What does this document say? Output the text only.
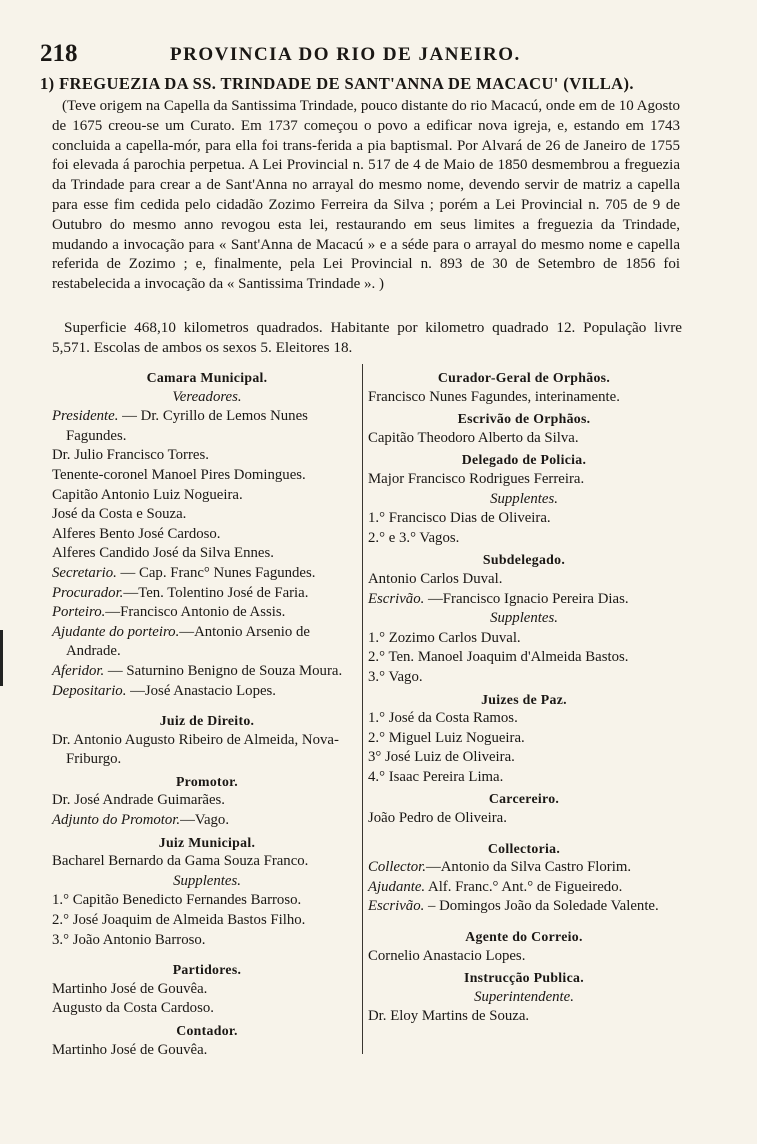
218	PROVINCIA DO RIO DE JANEIRO.
1) FREGUEZIA DA SS. TRINDADE DE SANT'ANNA DE MACACU' (VILLA).
(Teve origem na Capella da Santissima Trindade, pouco distante do rio Macacú, onde em de 10 Agosto de 1675 creou-se um Curato. Em 1737 começou o povo a edificar nova igreja, e, estando em 1743 concluida a capella-mór, para ella foi trans-ferida a pia baptismal. Por Alvará de 26 de Janeiro de 1755 foi elevada á parochia perpetua. A Lei Provincial n. 517 de 4 de Maio de 1850 desmembrou a freguezia da Trindade para crear a de Sant'Anna no arrayal do mesmo nome, devendo servir de matriz a capella para esse fim cedida pelo cidadão Zozimo Ferreira da Silva ; porém a Lei Provincial n. 705 de 9 de Outubro do mesmo anno revogou esta lei, restaurando em seus limites a freguezia da Trindade, mudando a invocação para « Sant'Anna de Macacú » e a séde para o arrayal do mesmo nome e capella referida de Zozimo ; e, finalmente, pela Lei Provincial n. 893 de 30 de Setembro de 1856 foi restabelecida a invocação da « Santissima Trindade ». )
Superficie 468,10 kilometros quadrados. Habitante por kilometro quadrado 12. População livre 5,571. Escolas de ambos os sexos 5. Eleitores 18.
Camara Municipal.
Vereadores.
Presidente. — Dr. Cyrillo de Lemos Nunes Fagundes.
Dr. Julio Francisco Torres.
Tenente-coronel Manoel Pires Domingues.
Capitão Antonio Luiz Nogueira.
José da Costa e Souza.
Alferes Bento José Cardoso.
Alferes Candido José da Silva Ennes.
Secretario. — Cap. Franc° Nunes Fagundes.
Procurador.—Ten. Tolentino José de Faria.
Porteiro.—Francisco Antonio de Assis.
Ajudante do porteiro.—Antonio Arsenio de Andrade.
Aferidor. — Saturnino Benigno de Souza Moura.
Depositario. —José Anastacio Lopes.
Juiz de Direito.
Dr. Antonio Augusto Ribeiro de Almeida, Nova-Friburgo.
Promotor.
Dr. José Andrade Guimarães.
Adjunto do Promotor.—Vago.
Juiz Municipal.
Bacharel Bernardo da Gama Souza Franco.
Supplentes.
1.° Capitão Benedicto Fernandes Barroso.
2.° José Joaquim de Almeida Bastos Filho.
3.° João Antonio Barroso.
Partidores.
Martinho José de Gouvêa.
Augusto da Costa Cardoso.
Contador.
Martinho José de Gouvêa.
Curador-Geral de Orphãos.
Francisco Nunes Fagundes, interinamente.
Escrivão de Orphãos.
Capitão Theodoro Alberto da Silva.
Delegado de Policia.
Major Francisco Rodrigues Ferreira.
Supplentes.
1.° Francisco Dias de Oliveira.
2.° e 3.° Vagos.
Subdelegado.
Antonio Carlos Duval.
Escrivão. —Francisco Ignacio Pereira Dias.
Supplentes.
1.° Zozimo Carlos Duval.
2.° Ten. Manoel Joaquim d'Almeida Bastos.
3.° Vago.
Juizes de Paz.
1.° José da Costa Ramos.
2.° Miguel Luiz Nogueira.
3° José Luiz de Oliveira.
4.° Isaac Pereira Lima.
Carcereiro.
João Pedro de Oliveira.
Collectoria.
Collector.—Antonio da Silva Castro Florim.
Ajudante. Alf. Franc.° Ant.° de Figueiredo.
Escrivão. – Domingos João da Soledade Valente.
Agente do Correio.
Cornelio Anastacio Lopes.
Instrucção Publica.
Superintendente.
Dr. Eloy Martins de Souza.
